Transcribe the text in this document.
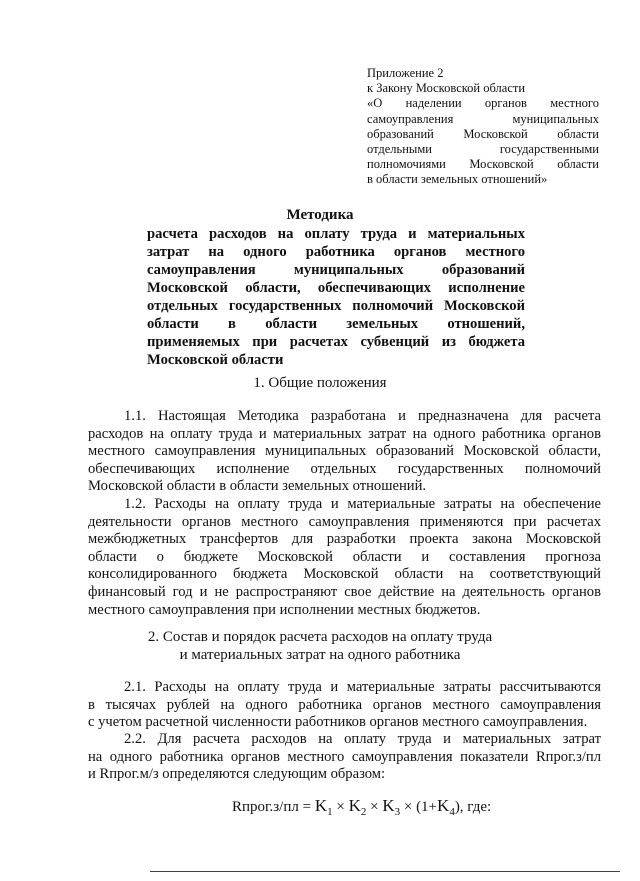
Приложение 2
к Закону Московской области
«О наделении органов местного
самоуправления муниципальных
образований Московской области
отдельными государственными
полномочиями Московской области
в области земельных отношений»
Методика
расчета расходов на оплату труда и материальных
затрат на одного работника органов местного
самоуправления муниципальных образований
Московской области, обеспечивающих исполнение
отдельных государственных полномочий Московской
области в области земельных отношений,
применяемых при расчетах субвенций из бюджета
Московской области
1. Общие положения
1.1. Настоящая Методика разработана и предназначена для расчета
расходов на оплату труда и материальных затрат на одного работника органов
местного самоуправления муниципальных образований Московской области,
обеспечивающих исполнение отдельных государственных полномочий
Московской области в области земельных отношений.
1.2. Расходы на оплату труда и материальные затраты на обеспечение
деятельности органов местного самоуправления применяются при расчетах
межбюджетных трансфертов для разработки проекта закона Московской
области о бюджете Московской области и составления прогноза
консолидированного бюджета Московской области на соответствующий
финансовый год и не распространяют свое действие на деятельность органов
местного самоуправления при исполнении местных бюджетов.
2. Состав и порядок расчета расходов на оплату труда
и материальных затрат на одного работника
2.1. Расходы на оплату труда и материальные затраты рассчитываются
в тысячах рублей на одного работника органов местного самоуправления
с учетом расчетной численности работников органов местного самоуправления.
2.2. Для расчета расходов на оплату труда и материальных затрат
на одного работника органов местного самоуправления показатели Rпрог.з/пл
и Rпрог.м/з определяются следующим образом:
Rпрог.з/пл = $K_1 \times K_2 \times K_3 \times (1+K_4)$, где:
